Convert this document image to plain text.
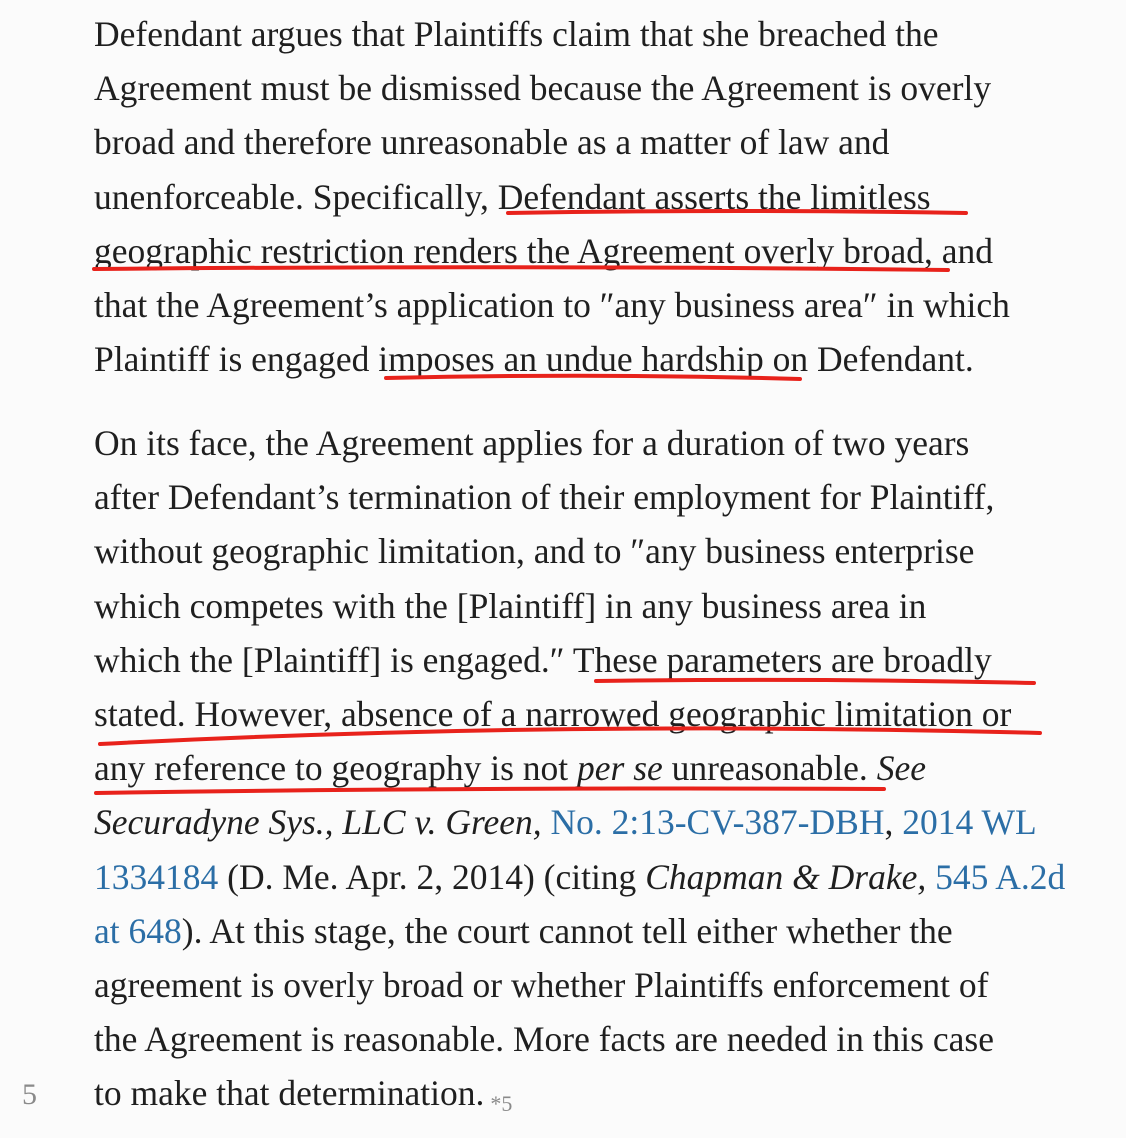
Defendant argues that Plaintiffs claim that she breached the
Agreement must be dismissed because the Agreement is overly
broad and therefore unreasonable as a matter of law and
unenforceable. Specifically, Defendant asserts the limitless
geographic restriction renders the Agreement overly broad, and
that the Agreement’s application to ″any business area″ in which
Plaintiff is engaged imposes an undue hardship on Defendant.

On its face, the Agreement applies for a duration of two years
after Defendant’s termination of their employment for Plaintiff,
without geographic limitation, and to ″any business enterprise
which competes with the [Plaintiff] in any business area in
which the [Plaintiff] is engaged.″ These parameters are broadly
stated. However, absence of a narrowed geographic limitation or
any reference to geography is not per se unreasonable. See
Securadyne Sys., LLC v. Green, No. 2:13-CV-387-DBH, 2014 WL
1334184 (D. Me. Apr. 2, 2014) (citing Chapman & Drake, 545 A.2d
at 648). At this stage, the court cannot tell either whether the
agreement is overly broad or whether Plaintiffs enforcement of
the Agreement is reasonable. More facts are needed in this case
to make that determination. *5

5
